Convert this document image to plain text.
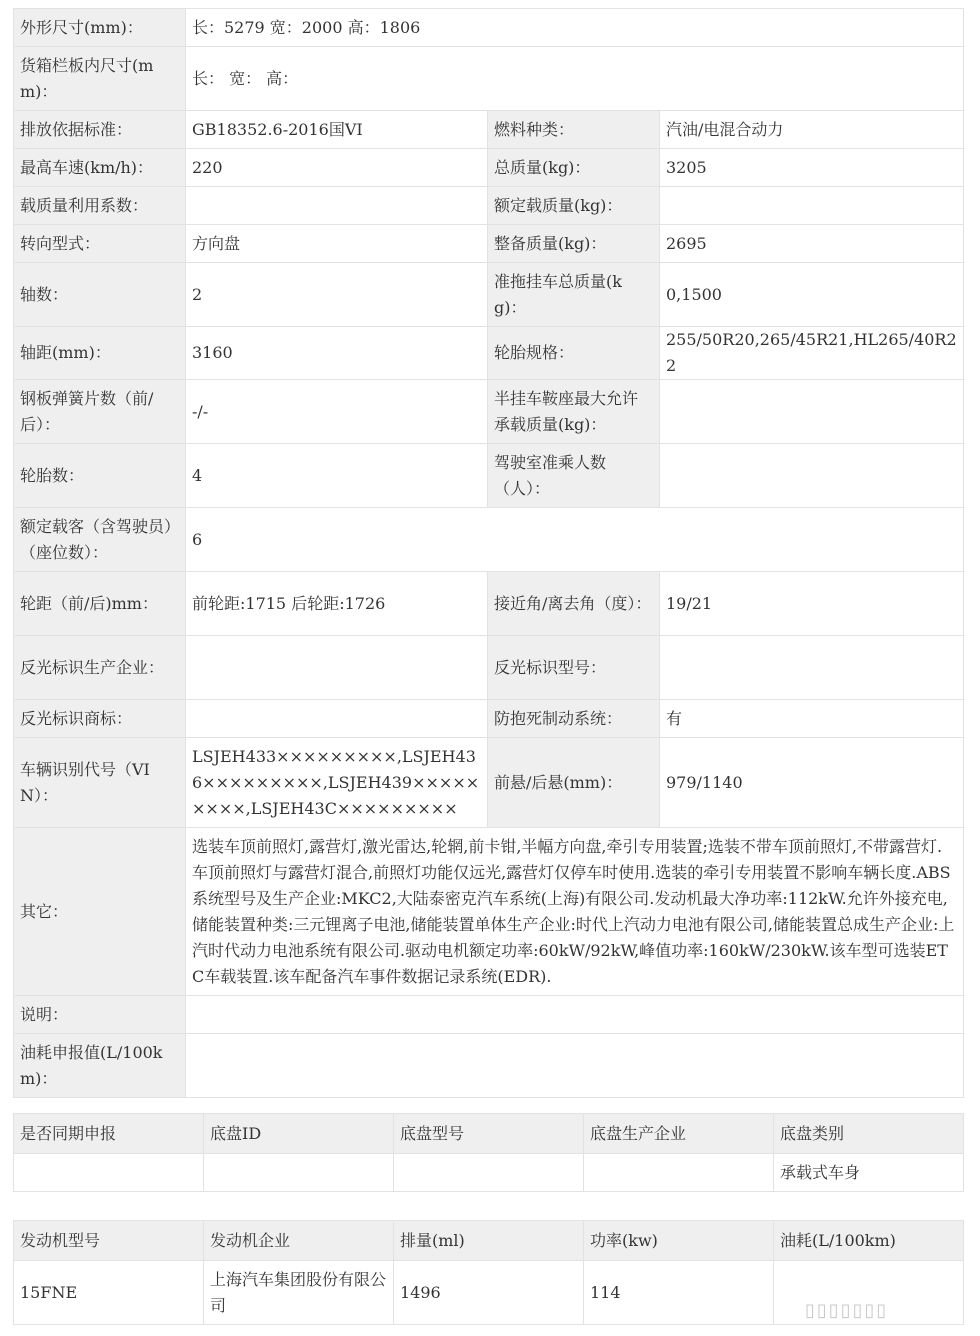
外形尺寸(mm)：	长：5279 宽：2000 高：1806		
货箱栏板内尺寸(mm)：	长： 宽： 高：		
排放依据标准：	GB18352.6-2016国VI	燃料种类：	汽油/电混合动力
最高车速(km/h)：	220	总质量(kg)：	3205
载质量利用系数：		额定载质量(kg)：	
转向型式：	方向盘	整备质量(kg)：	2695
轴数：	2	准拖挂车总质量(kg)：	0,1500
轴距(mm)：	3160	轮胎规格：	255/50R20,265/45R21,HL265/40R22
钢板弹簧片数（前/后）：	-/-	半挂车鞍座最大允许承载质量(kg)：	
轮胎数：	4	驾驶室准乘人数（人）：	
额定载客（含驾驶员）（座位数）：	6		
轮距（前/后)mm：	前轮距:1715 后轮距:1726	接近角/离去角（度）：	19/21
反光标识生产企业：		反光标识型号：	
反光标识商标：		防抱死制动系统：	有
车辆识别代号（VIN）：	LSJEH433×××××××××,LSJEH436×××××××××,LSJEH439×××××××××,LSJEH43C×××××××××	前悬/后悬(mm)：	979/1140
其它：	选装车顶前照灯,露营灯,激光雷达,轮辋,前卡钳,半幅方向盘,牵引专用装置;选装不带车顶前照灯,不带露营灯.车顶前照灯与露营灯混合,前照灯功能仅远光,露营灯仅停车时使用.选装的牵引专用装置不影响车辆长度.ABS系统型号及生产企业:MKC2,大陆泰密克汽车系统(上海)有限公司.发动机最大净功率:112kW.允许外接充电,储能装置种类:三元锂离子电池,储能装置单体生产企业:时代上汽动力电池有限公司,储能装置总成生产企业:上汽时代动力电池系统有限公司.驱动电机额定功率:60kW/92kW,峰值功率:160kW/230kW.该车型可选装ETC车载装置.该车配备汽车事件数据记录系统(EDR).		
说明：			
油耗申报值(L/100km)：			
是否同期申报	底盘ID	底盘型号	底盘生产企业	底盘类别
				承载式车身
发动机型号	发动机企业	排量(ml)	功率(kw)	油耗(L/100km)
15FNE	上海汽车集团股份有限公司	1496	114	
▯▯▯▯▯▯▯
